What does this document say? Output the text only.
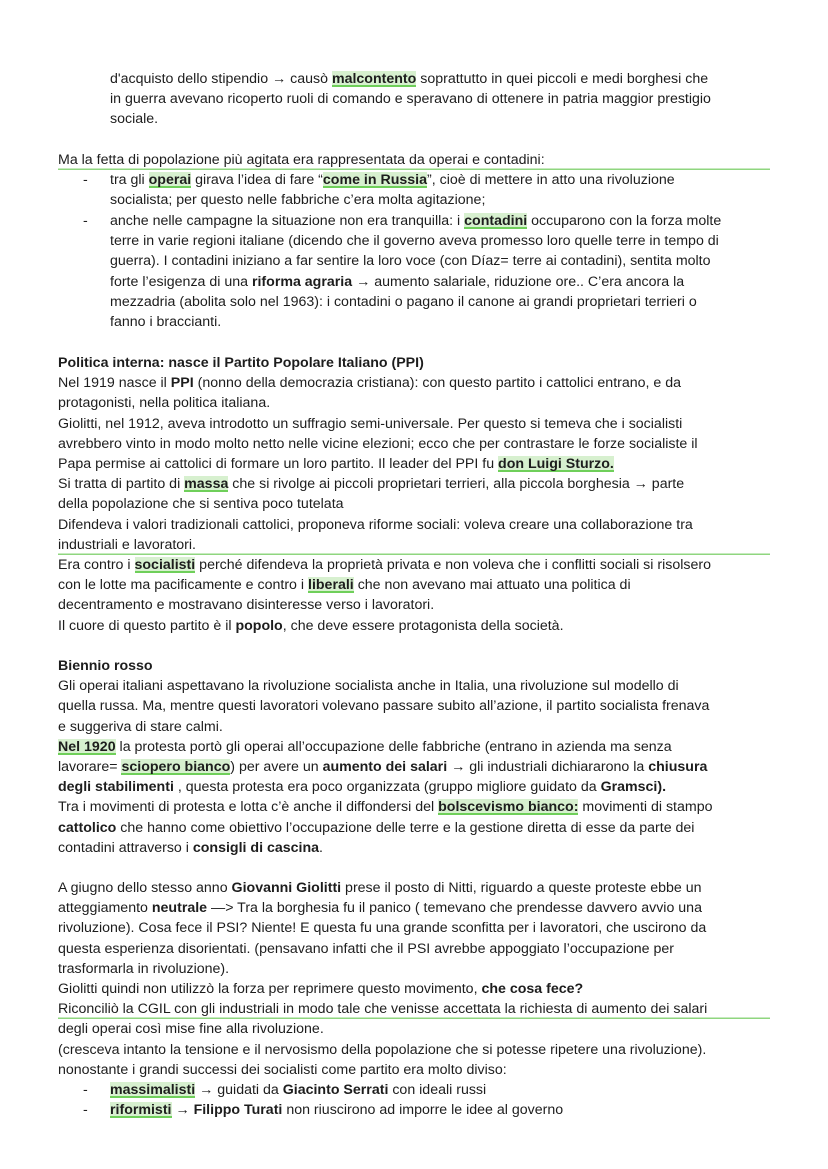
d'acquisto dello stipendio → causò malcontento soprattutto in quei piccoli e medi borghesi che
in guerra avevano ricoperto ruoli di comando e speravano di ottenere in patria maggior prestigio
sociale.
Ma la fetta di popolazione più agitata era rappresentata da operai e contadini:
- tra gli operai girava l’idea di fare “come in Russia”, cioè di mettere in atto una rivoluzione
socialista; per questo nelle fabbriche c’era molta agitazione;
- anche nelle campagne la situazione non era tranquilla: i contadini occuparono con la forza molte
terre in varie regioni italiane (dicendo che il governo aveva promesso loro quelle terre in tempo di
guerra). I contadini iniziano a far sentire la loro voce (con Díaz= terre ai contadini), sentita molto
forte l’esigenza di una riforma agraria → aumento salariale, riduzione ore.. C’era ancora la
mezzadria (abolita solo nel 1963): i contadini o pagano il canone ai grandi proprietari terrieri o
fanno i braccianti.
Politica interna: nasce il Partito Popolare Italiano (PPI)
Nel 1919 nasce il PPI (nonno della democrazia cristiana): con questo partito i cattolici entrano, e da
protagonisti, nella politica italiana.
Giolitti, nel 1912, aveva introdotto un suffragio semi-universale. Per questo si temeva che i socialisti
avrebbero vinto in modo molto netto nelle vicine elezioni; ecco che per contrastare le forze socialiste il
Papa permise ai cattolici di formare un loro partito. Il leader del PPI fu don Luigi Sturzo.
Si tratta di partito di massa che si rivolge ai piccoli proprietari terrieri, alla piccola borghesia → parte
della popolazione che si sentiva poco tutelata
Difendeva i valori tradizionali cattolici, proponeva riforme sociali: voleva creare una collaborazione tra
industriali e lavoratori.
Era contro i socialisti perché difendeva la proprietà privata e non voleva che i conflitti sociali si risolsero
con le lotte ma pacificamente e contro i liberali che non avevano mai attuato una politica di
decentramento e mostravano disinteresse verso i lavoratori.
Il cuore di questo partito è il popolo, che deve essere protagonista della società.
Biennio rosso
Gli operai italiani aspettavano la rivoluzione socialista anche in Italia, una rivoluzione sul modello di
quella russa. Ma, mentre questi lavoratori volevano passare subito all’azione, il partito socialista frenava
e suggeriva di stare calmi.
Nel 1920 la protesta portò gli operai all’occupazione delle fabbriche (entrano in azienda ma senza
lavorare= sciopero bianco) per avere un aumento dei salari → gli industriali dichiararono la chiusura
degli stabilimenti , questa protesta era poco organizzata (gruppo migliore guidato da Gramsci).
Tra i movimenti di protesta e lotta c’è anche il diffondersi del bolscevismo bianco: movimenti di stampo
cattolico che hanno come obiettivo l’occupazione delle terre e la gestione diretta di esse da parte dei
contadini attraverso i consigli di cascina.
A giugno dello stesso anno Giovanni Giolitti prese il posto di Nitti, riguardo a queste proteste ebbe un
atteggiamento neutrale —> Tra la borghesia fu il panico ( temevano che prendesse davvero avvio una
rivoluzione). Cosa fece il PSI? Niente! E questa fu una grande sconfitta per i lavoratori, che uscirono da
questa esperienza disorientati. (pensavano infatti che il PSI avrebbe appoggiato l’occupazione per
trasformarla in rivoluzione).
Giolitti quindi non utilizzò la forza per reprimere questo movimento, che cosa fece?
Riconciliò la CGIL con gli industriali in modo tale che venisse accettata la richiesta di aumento dei salari
degli operai così mise fine alla rivoluzione.
(cresceva intanto la tensione e il nervosismo della popolazione che si potesse ripetere una rivoluzione).
nonostante i grandi successi dei socialisti come partito era molto diviso:
- massimalisti → guidati da Giacinto Serrati con ideali russi
- riformisti → Filippo Turati non riuscirono ad imporre le idee al governo
